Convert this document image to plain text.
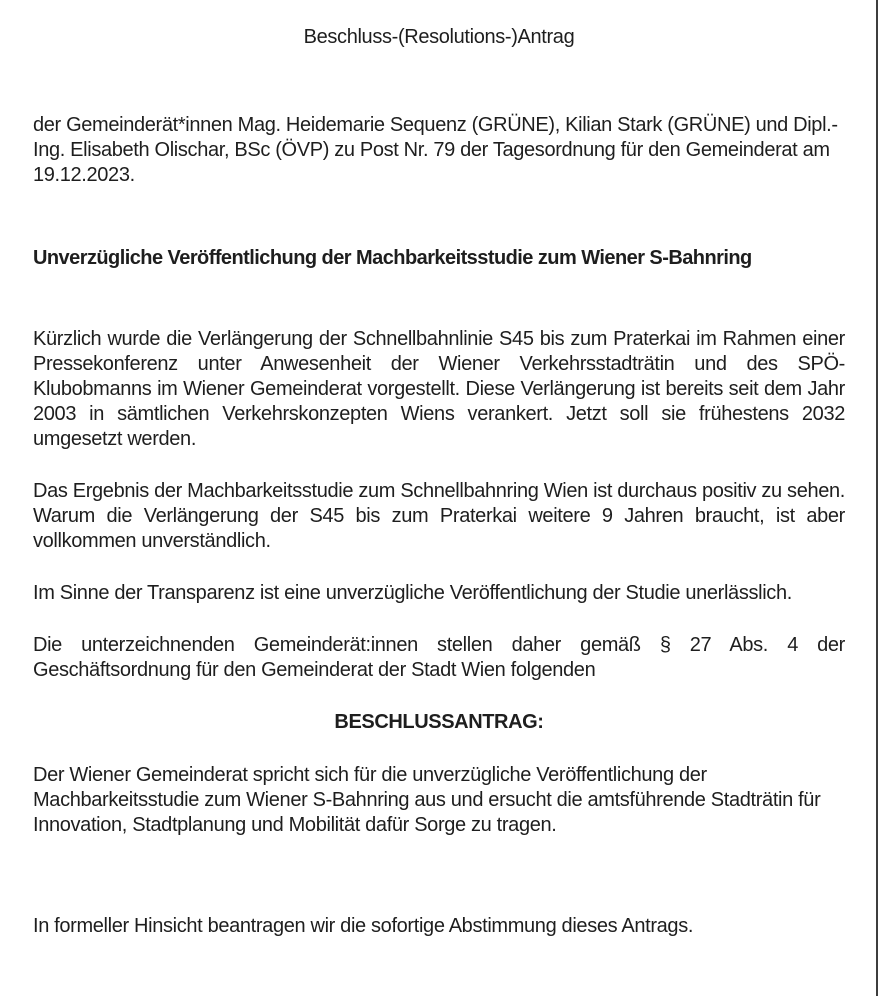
Beschluss-(Resolutions-)Antrag

der Gemeinderät*innen Mag. Heidemarie Sequenz (GRÜNE), Kilian Stark (GRÜNE) und Dipl.-Ing. Elisabeth Olischar, BSc (ÖVP) zu Post Nr. 79 der Tagesordnung für den Gemeinderat am 19.12.2023.

Unverzügliche Veröffentlichung der Machbarkeitsstudie zum Wiener S-Bahnring

Kürzlich wurde die Verlängerung der Schnellbahnlinie S45 bis zum Praterkai im Rahmen einer Pressekonferenz unter Anwesenheit der Wiener Verkehrsstadträtin und des SPÖ-Klubobmanns im Wiener Gemeinderat vorgestellt. Diese Verlängerung ist bereits seit dem Jahr 2003 in sämtlichen Verkehrskonzepten Wiens verankert. Jetzt soll sie frühestens 2032 umgesetzt werden.

Das Ergebnis der Machbarkeitsstudie zum Schnellbahnring Wien ist durchaus positiv zu sehen. Warum die Verlängerung der S45 bis zum Praterkai weitere 9 Jahren braucht, ist aber vollkommen unverständlich.

Im Sinne der Transparenz ist eine unverzügliche Veröffentlichung der Studie unerlässlich.

Die unterzeichnenden Gemeinderät:innen stellen daher gemäß § 27 Abs. 4 der Geschäftsordnung für den Gemeinderat der Stadt Wien folgenden

BESCHLUSSANTRAG:

Der Wiener Gemeinderat spricht sich für die unverzügliche Veröffentlichung der Machbarkeitsstudie zum Wiener S-Bahnring aus und ersucht die amtsführende Stadträtin für Innovation, Stadtplanung und Mobilität dafür Sorge zu tragen.

In formeller Hinsicht beantragen wir die sofortige Abstimmung dieses Antrags.
